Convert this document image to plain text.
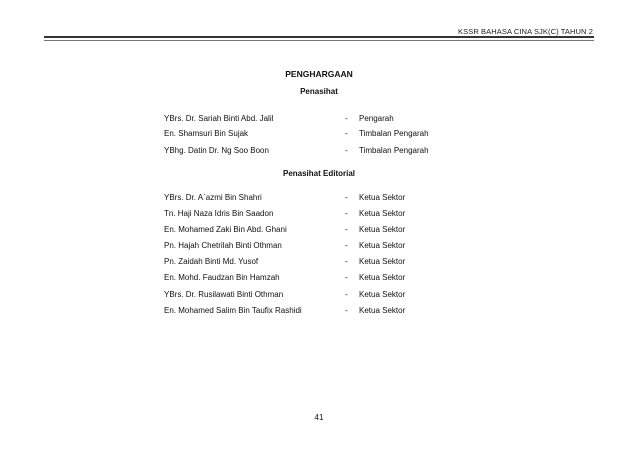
KSSR BAHASA CINA SJK(C) TAHUN 2
PENGHARGAAN
Penasihat
YBrs. Dr. Sariah Binti Abd. Jalil	- Pengarah
En. Shamsuri Bin Sujak	- Timbalan Pengarah
YBhg. Datin Dr. Ng Soo Boon	- Timbalan Pengarah
Penasihat Editorial
YBrs. Dr. A`azmi Bin Shahri	- Ketua Sektor
Tn. Haji Naza Idris Bin Saadon	- Ketua Sektor
En. Mohamed Zaki Bin Abd. Ghani	- Ketua Sektor
Pn. Hajah Chetrilah Binti Othman	- Ketua Sektor
Pn. Zaidah Binti Md. Yusof	- Ketua Sektor
En. Mohd. Faudzan Bin Hamzah	- Ketua Sektor
YBrs. Dr. Rusilawati Binti Othman	- Ketua Sektor
En. Mohamed Salim Bin Taufix Rashidi	- Ketua Sektor
41
